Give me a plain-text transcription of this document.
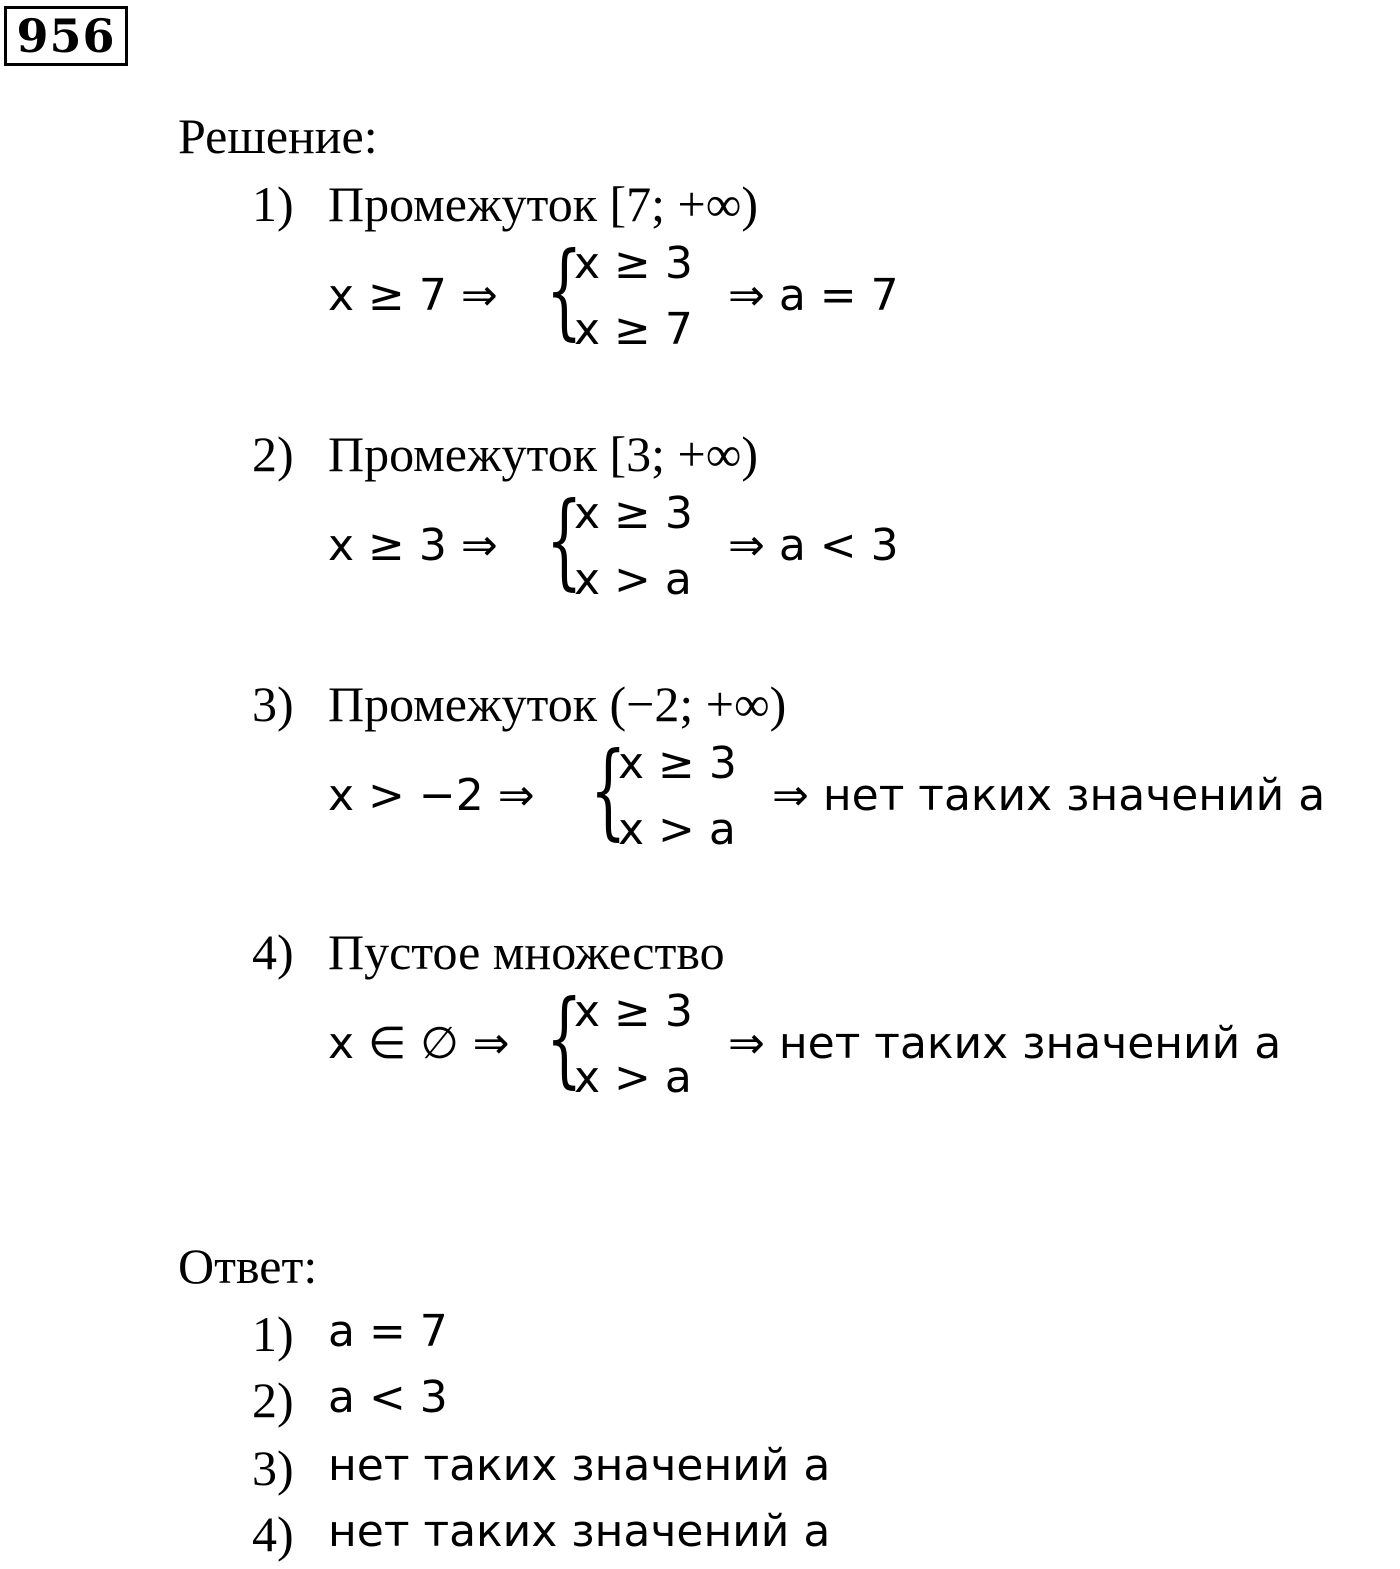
956
Решение:
1) Промежуток [7; +∞)
x ≥ 7 ⇒ {
x ≥ 3
x ≥ 7
⇒ a = 7
2) Промежуток [3; +∞)
x ≥ 3 ⇒ {
x ≥ 3
x > a
⇒ a < 3
3) Промежуток (−2; +∞)
x > −2 ⇒ {
x ≥ 3
x > a
⇒ нет таких значений a
4) Пустое множество
x ∈ ∅ ⇒ {
x ≥ 3
x > a
⇒ нет таких значений a
Ответ:
1) a = 7
2) a < 3
3) нет таких значений a
4) нет таких значений a
